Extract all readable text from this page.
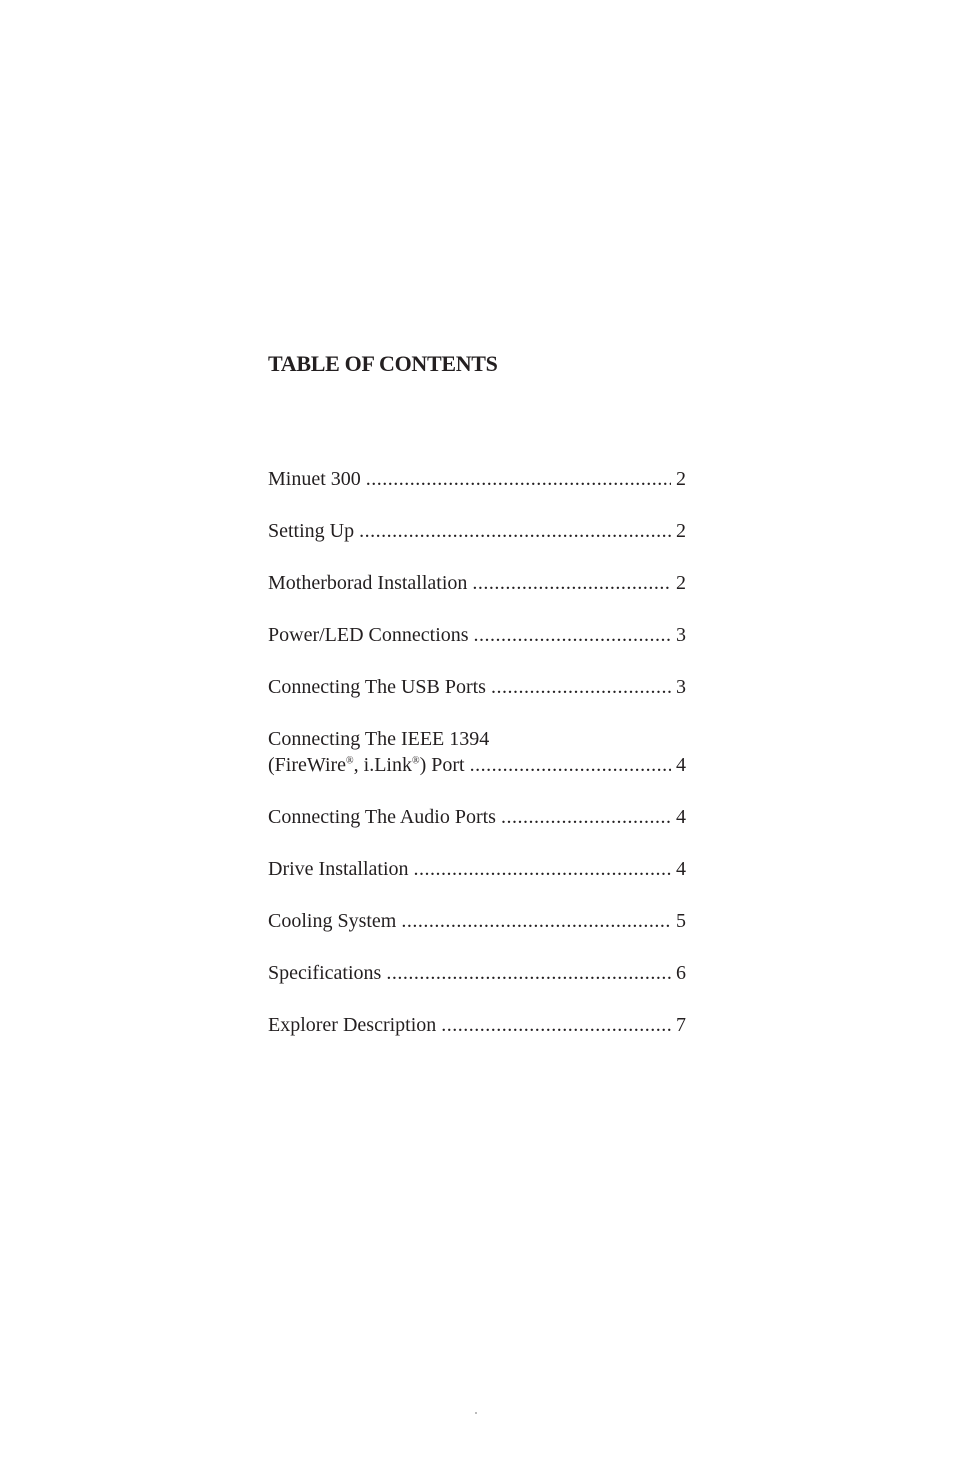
TABLE OF CONTENTS
Minuet 300 .....	2
Setting Up .....	2
Motherborad Installation .....	2
Power/LED Connections .....	3
Connecting The USB Ports .....	3
Connecting The IEEE 1394
(FireWire®, i.Link®) Port .....	4
Connecting The Audio Ports .....	4
Drive Installation .....	4
Cooling System .....	5
Specifications .....	6
Explorer Description .....	7
